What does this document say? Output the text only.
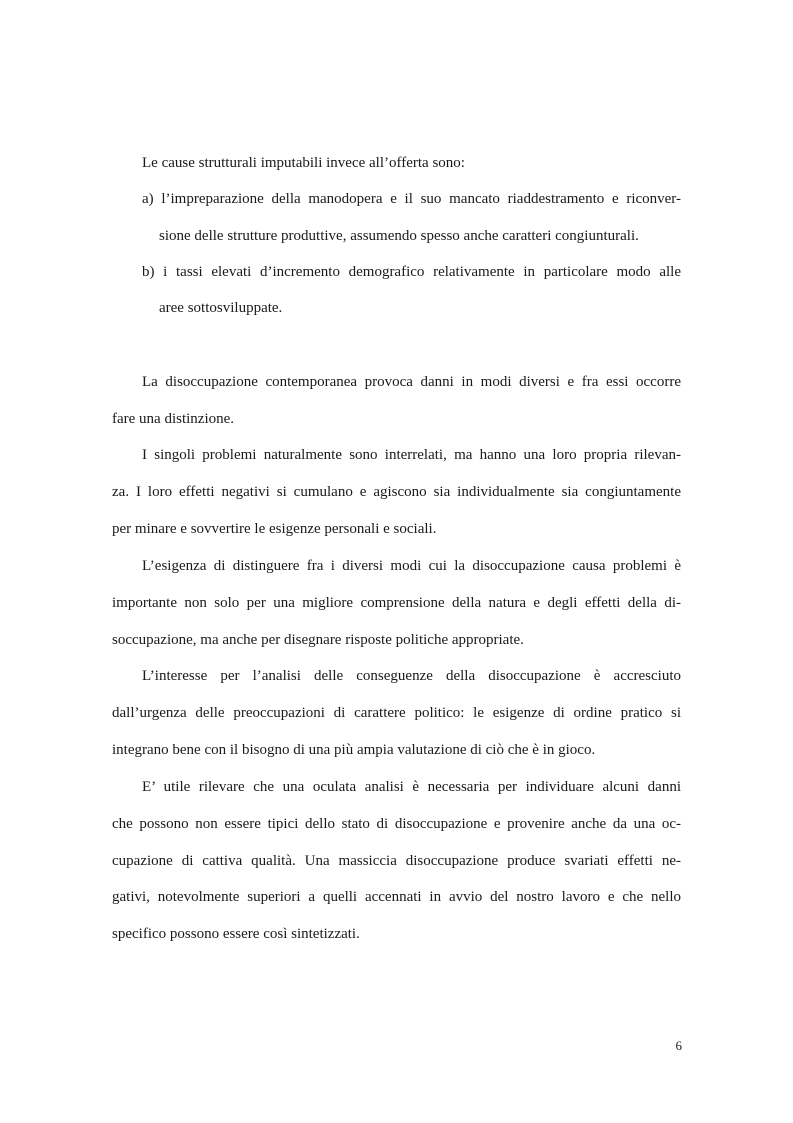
Le cause strutturali imputabili invece all’offerta sono:
a) l’impreparazione della manodopera e il suo mancato riaddestramento e riconver-
sione delle strutture produttive, assumendo spesso anche caratteri congiunturali.
b) i tassi elevati d’incremento demografico relativamente in particolare modo alle
aree sottosviluppate.
La disoccupazione contemporanea provoca danni in modi diversi e fra essi occorre
fare una distinzione.
I singoli problemi naturalmente sono interrelati, ma hanno una loro propria rilevan-
za. I loro effetti negativi si cumulano e agiscono sia individualmente sia congiuntamente
per minare e sovvertire le esigenze personali e sociali.
L’esigenza di distinguere fra i diversi modi cui la disoccupazione causa problemi è
importante non solo per una migliore comprensione della natura e degli effetti della di-
soccupazione, ma anche per disegnare risposte politiche appropriate.
L’interesse per l’analisi delle conseguenze della disoccupazione è accresciuto
dall’urgenza delle preoccupazioni di carattere politico: le esigenze di ordine pratico si
integrano bene con il bisogno di una più ampia valutazione di ciò che è in gioco.
E’ utile rilevare che una oculata analisi è necessaria per individuare alcuni danni
che possono non essere tipici dello stato di disoccupazione e provenire anche da una oc-
cupazione di cattiva qualità. Una massiccia disoccupazione produce svariati effetti ne-
gativi, notevolmente superiori a quelli accennati in avvio del nostro lavoro e che nello
specifico possono essere così sintetizzati.
6
